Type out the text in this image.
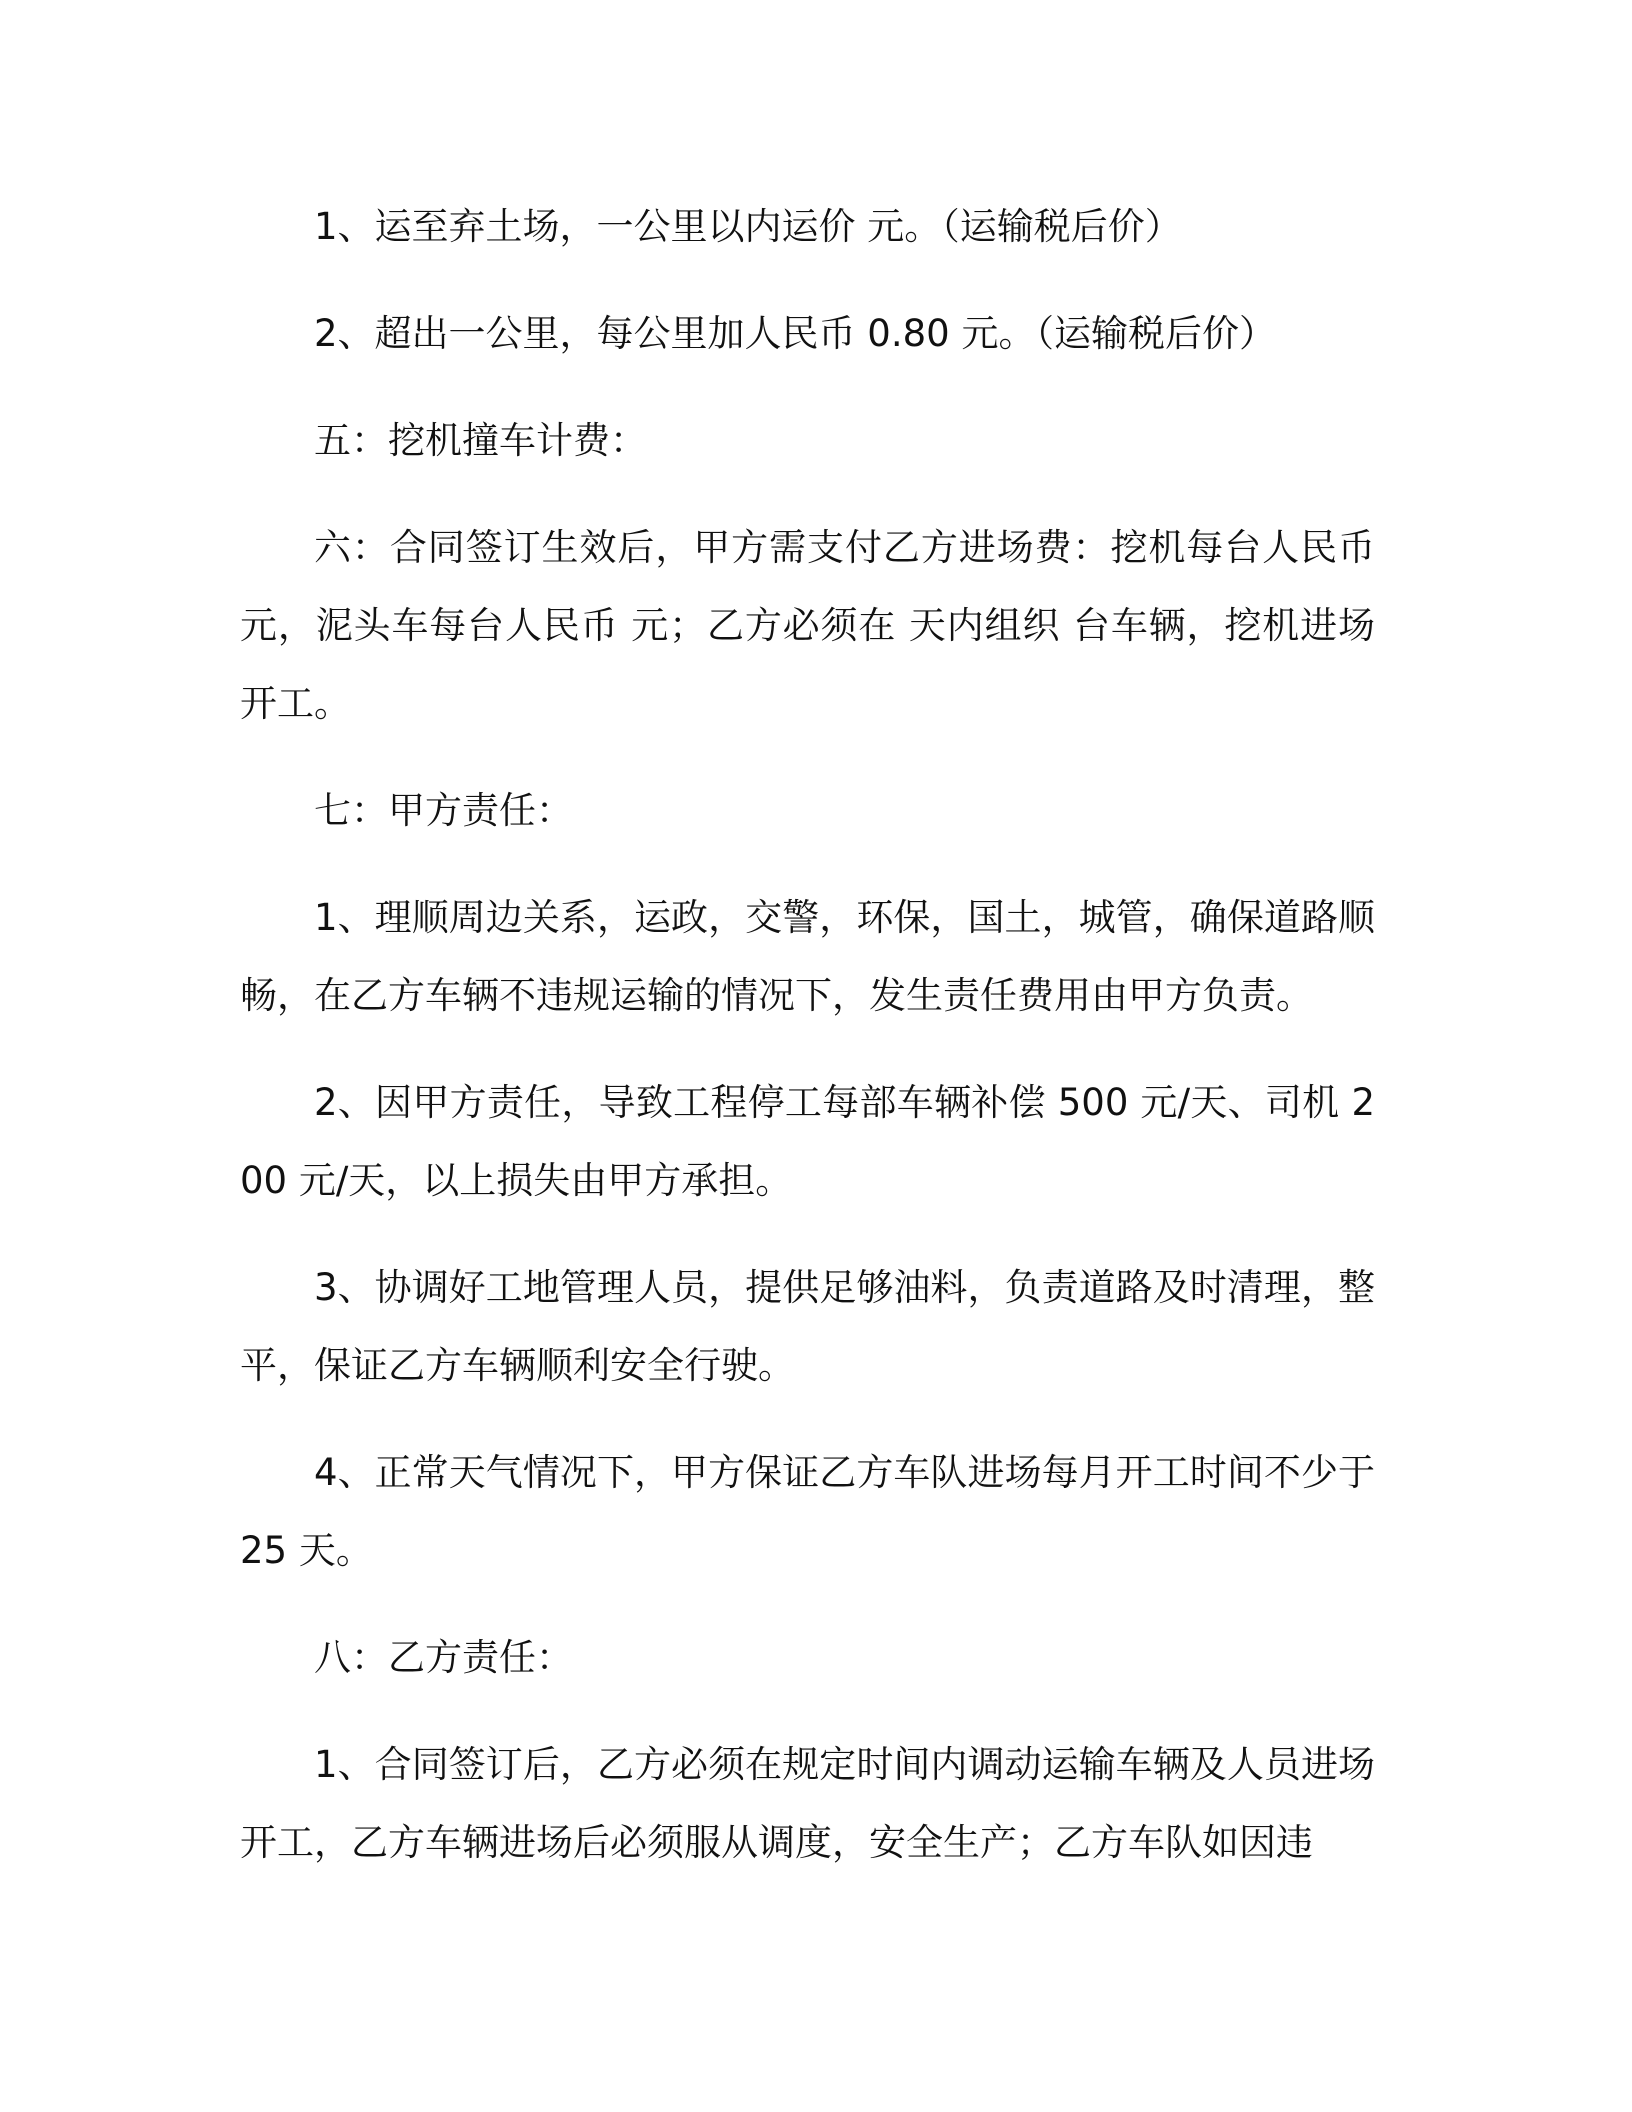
1、运至弃土场，一公里以内运价 元。（运输税后价）

2、超出一公里，每公里加人民币 0.80 元。（运输税后价）

五：挖机撞车计费：

六：合同签订生效后，甲方需支付乙方进场费：挖机每台人民币 元，泥头车每台人民币 元；乙方必须在 天内组织 台车辆，挖机进场开工。

七：甲方责任：

1、理顺周边关系，运政，交警，环保，国土，城管，确保道路顺畅，在乙方车辆不违规运输的情况下，发生责任费用由甲方负责。

2、因甲方责任，导致工程停工每部车辆补偿 500 元/天、司机 200 元/天，以上损失由甲方承担。

3、协调好工地管理人员，提供足够油料，负责道路及时清理，整平，保证乙方车辆顺利安全行驶。

4、正常天气情况下，甲方保证乙方车队进场每月开工时间不少于 25 天。

八：乙方责任：

1、合同签订后，乙方必须在规定时间内调动运输车辆及人员进场开工，乙方车辆进场后必须服从调度，安全生产；乙方车队如因违
